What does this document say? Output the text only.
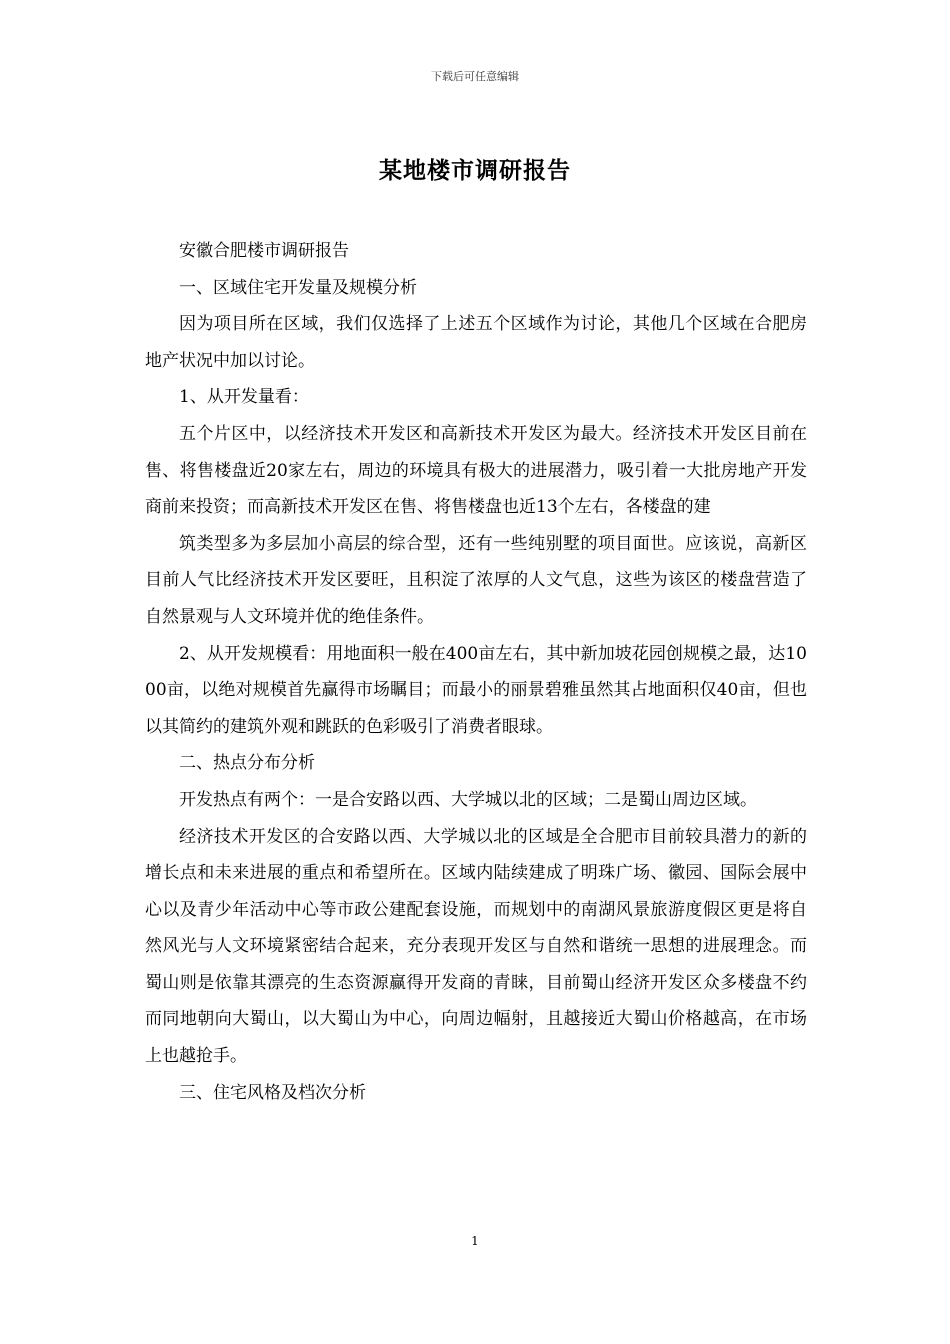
下载后可任意编辑
某地楼市调研报告

安徽合肥楼市调研报告

一、区域住宅开发量及规模分析

因为项目所在区域，我们仅选择了上述五个区域作为讨论，其他几个区域在合肥房地产状况中加以讨论。

1、从开发量看：

五个片区中，以经济技术开发区和高新技术开发区为最大。经济技术开发区目前在售、将售楼盘近20家左右，周边的环境具有极大的进展潜力，吸引着一大批房地产开发商前来投资；而高新技术开发区在售、将售楼盘也近13个左右，各楼盘的建

筑类型多为多层加小高层的综合型，还有一些纯别墅的项目面世。应该说，高新区目前人气比经济技术开发区要旺，且积淀了浓厚的人文气息，这些为该区的楼盘营造了自然景观与人文环境并优的绝佳条件。

2、从开发规模看：用地面积一般在400亩左右，其中新加坡花园创规模之最，达1000亩，以绝对规模首先赢得市场瞩目；而最小的丽景碧雅虽然其占地面积仅40亩，但也以其简约的建筑外观和跳跃的色彩吸引了消费者眼球。

二、热点分布分析

开发热点有两个：一是合安路以西、大学城以北的区域；二是蜀山周边区域。

经济技术开发区的合安路以西、大学城以北的区域是全合肥市目前较具潜力的新的增长点和未来进展的重点和希望所在。区域内陆续建成了明珠广场、徽园、国际会展中心以及青少年活动中心等市政公建配套设施，而规划中的南湖风景旅游度假区更是将自然风光与人文环境紧密结合起来，充分表现开发区与自然和谐统一思想的进展理念。而蜀山则是依靠其漂亮的生态资源赢得开发商的青睐，目前蜀山经济开发区众多楼盘不约而同地朝向大蜀山，以大蜀山为中心，向周边幅射，且越接近大蜀山价格越高，在市场上也越抢手。

三、住宅风格及档次分析

1
